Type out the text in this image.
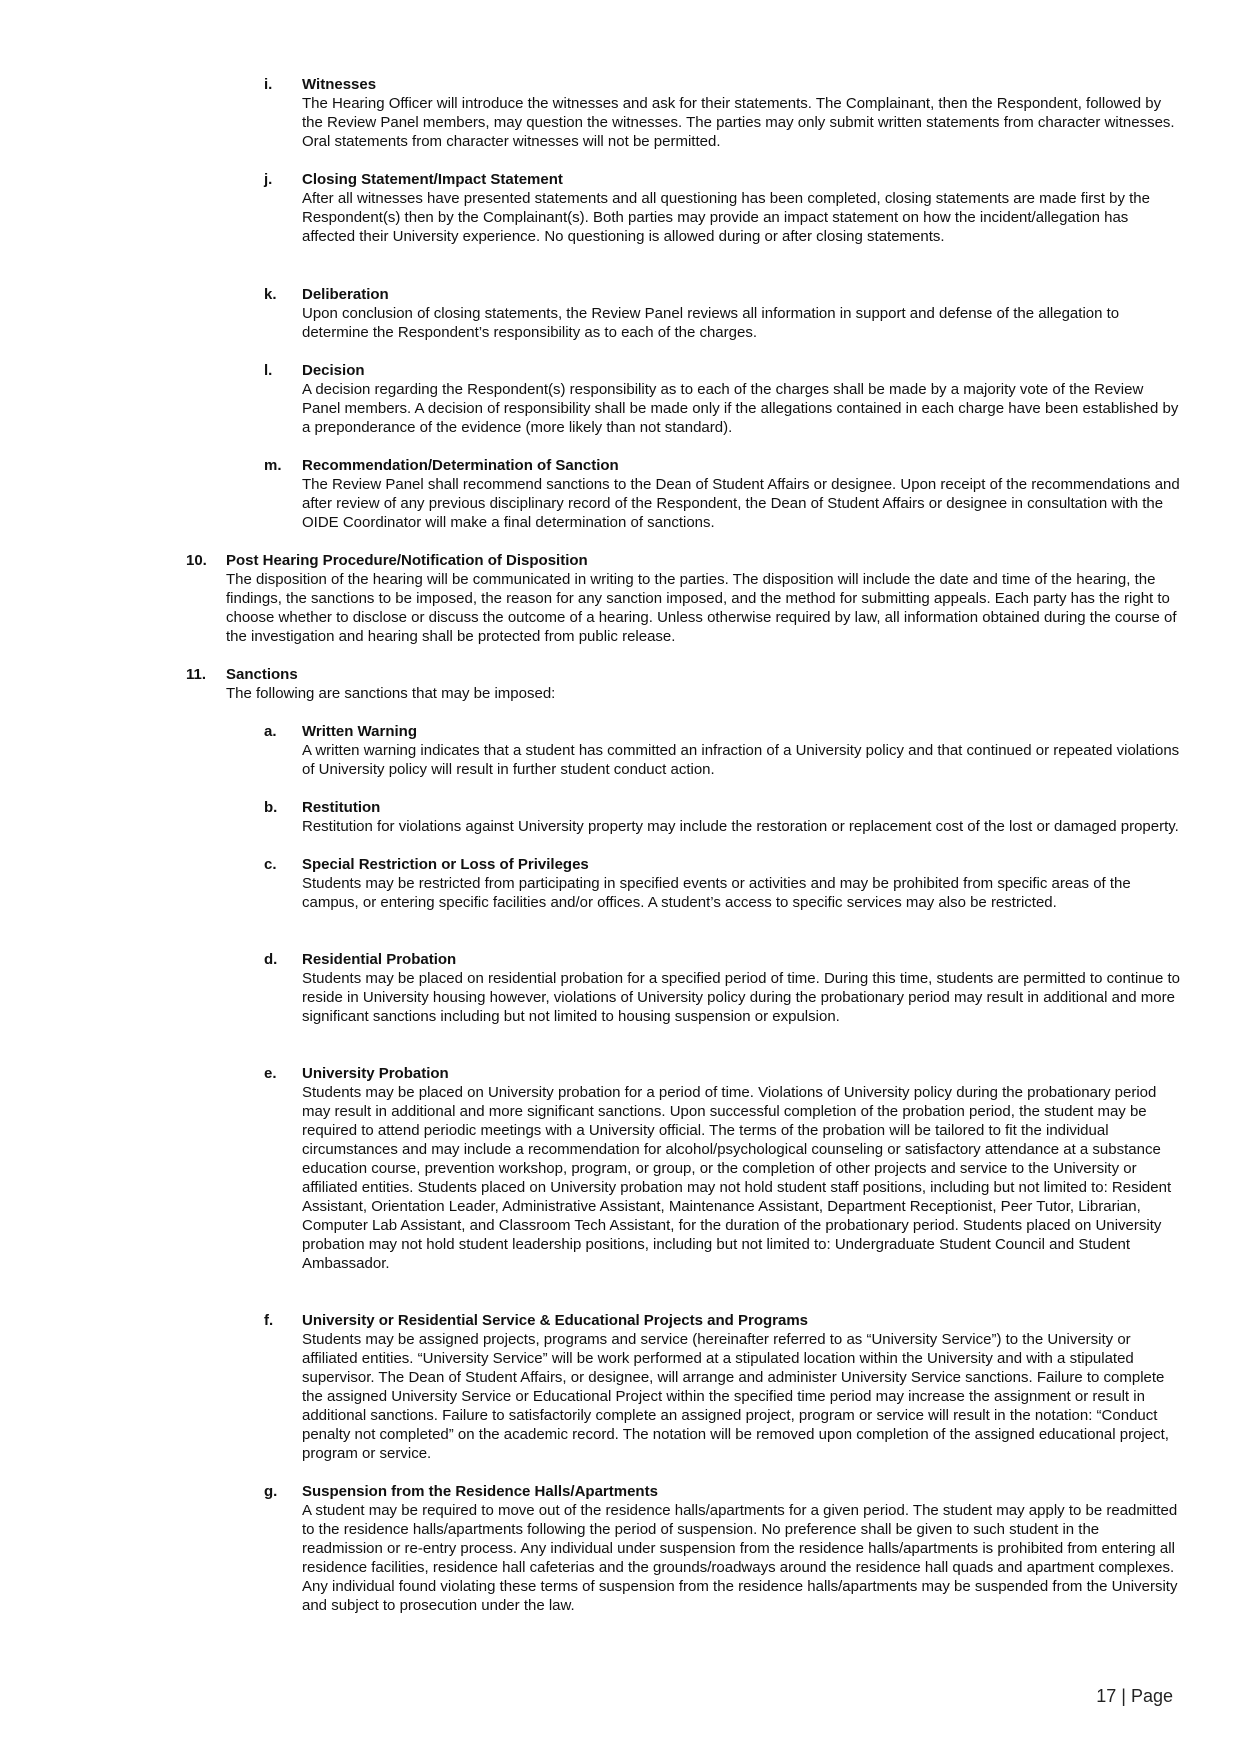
i. Witnesses
The Hearing Officer will introduce the witnesses and ask for their statements. The Complainant, then the Respondent, followed by the Review Panel members, may question the witnesses. The parties may only submit written statements from character witnesses. Oral statements from character witnesses will not be permitted.
j. Closing Statement/Impact Statement
After all witnesses have presented statements and all questioning has been completed, closing statements are made first by the Respondent(s) then by the Complainant(s). Both parties may provide an impact statement on how the incident/allegation has affected their University experience. No questioning is allowed during or after closing statements.
k. Deliberation
Upon conclusion of closing statements, the Review Panel reviews all information in support and defense of the allegation to determine the Respondent’s responsibility as to each of the charges.
l. Decision
A decision regarding the Respondent(s) responsibility as to each of the charges shall be made by a majority vote of the Review Panel members. A decision of responsibility shall be made only if the allegations contained in each charge have been established by a preponderance of the evidence (more likely than not standard).
m. Recommendation/Determination of Sanction
The Review Panel shall recommend sanctions to the Dean of Student Affairs or designee. Upon receipt of the recommendations and after review of any previous disciplinary record of the Respondent, the Dean of Student Affairs or designee in consultation with the OIDE Coordinator will make a final determination of sanctions.
10. Post Hearing Procedure/Notification of Disposition
The disposition of the hearing will be communicated in writing to the parties. The disposition will include the date and time of the hearing, the findings, the sanctions to be imposed, the reason for any sanction imposed, and the method for submitting appeals. Each party has the right to choose whether to disclose or discuss the outcome of a hearing. Unless otherwise required by law, all information obtained during the course of the investigation and hearing shall be protected from public release.
11. Sanctions
The following are sanctions that may be imposed:
a. Written Warning
A written warning indicates that a student has committed an infraction of a University policy and that continued or repeated violations of University policy will result in further student conduct action.
b. Restitution
Restitution for violations against University property may include the restoration or replacement cost of the lost or damaged property.
c. Special Restriction or Loss of Privileges
Students may be restricted from participating in specified events or activities and may be prohibited from specific areas of the campus, or entering specific facilities and/or offices. A student’s access to specific services may also be restricted.
d. Residential Probation
Students may be placed on residential probation for a specified period of time. During this time, students are permitted to continue to reside in University housing however, violations of University policy during the probationary period may result in additional and more significant sanctions including but not limited to housing suspension or expulsion.
e. University Probation
Students may be placed on University probation for a period of time. Violations of University policy during the probationary period may result in additional and more significant sanctions. Upon successful completion of the probation period, the student may be required to attend periodic meetings with a University official. The terms of the probation will be tailored to fit the individual circumstances and may include a recommendation for alcohol/psychological counseling or satisfactory attendance at a substance education course, prevention workshop, program, or group, or the completion of other projects and service to the University or affiliated entities. Students placed on University probation may not hold student staff positions, including but not limited to: Resident Assistant, Orientation Leader, Administrative Assistant, Maintenance Assistant, Department Receptionist, Peer Tutor, Librarian, Computer Lab Assistant, and Classroom Tech Assistant, for the duration of the probationary period. Students placed on University probation may not hold student leadership positions, including but not limited to: Undergraduate Student Council and Student Ambassador.
f. University or Residential Service & Educational Projects and Programs
Students may be assigned projects, programs and service (hereinafter referred to as “University Service”) to the University or affiliated entities. “University Service” will be work performed at a stipulated location within the University and with a stipulated supervisor. The Dean of Student Affairs, or designee, will arrange and administer University Service sanctions. Failure to complete the assigned University Service or Educational Project within the specified time period may increase the assignment or result in additional sanctions. Failure to satisfactorily complete an assigned project, program or service will result in the notation: “Conduct penalty not completed” on the academic record. The notation will be removed upon completion of the assigned educational project, program or service.
g. Suspension from the Residence Halls/Apartments
A student may be required to move out of the residence halls/apartments for a given period. The student may apply to be readmitted to the residence halls/apartments following the period of suspension. No preference shall be given to such student in the readmission or re-entry process. Any individual under suspension from the residence halls/apartments is prohibited from entering all residence facilities, residence hall cafeterias and the grounds/roadways around the residence hall quads and apartment complexes. Any individual found violating these terms of suspension from the residence halls/apartments may be suspended from the University and subject to prosecution under the law.
17 | Page
